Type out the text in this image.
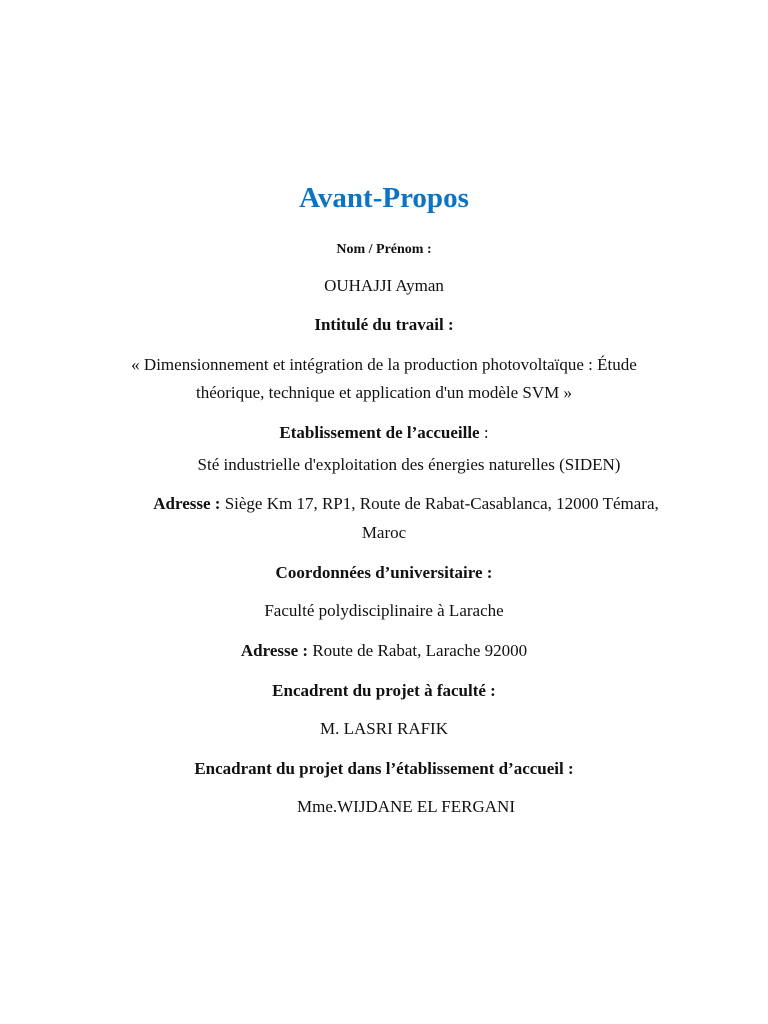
Avant-Propos
Nom / Prénom :
OUHAJJI Ayman
Intitulé du travail :
« Dimensionnement et intégration de la production photovoltaïque : Étude
théorique, technique et application d'un modèle SVM »
Etablissement de l’accueille :
Sté industrielle d'exploitation des énergies naturelles (SIDEN)
Adresse : Siège Km 17, RP1, Route de Rabat-Casablanca, 12000 Témara,
Maroc
Coordonnées d’universitaire :
Faculté polydisciplinaire à Larache
Adresse : Route de Rabat, Larache 92000
Encadrent du projet à faculté :
M. LASRI RAFIK
Encadrant du projet dans l’établissement d’accueil :
Mme.WIJDANE EL FERGANI
